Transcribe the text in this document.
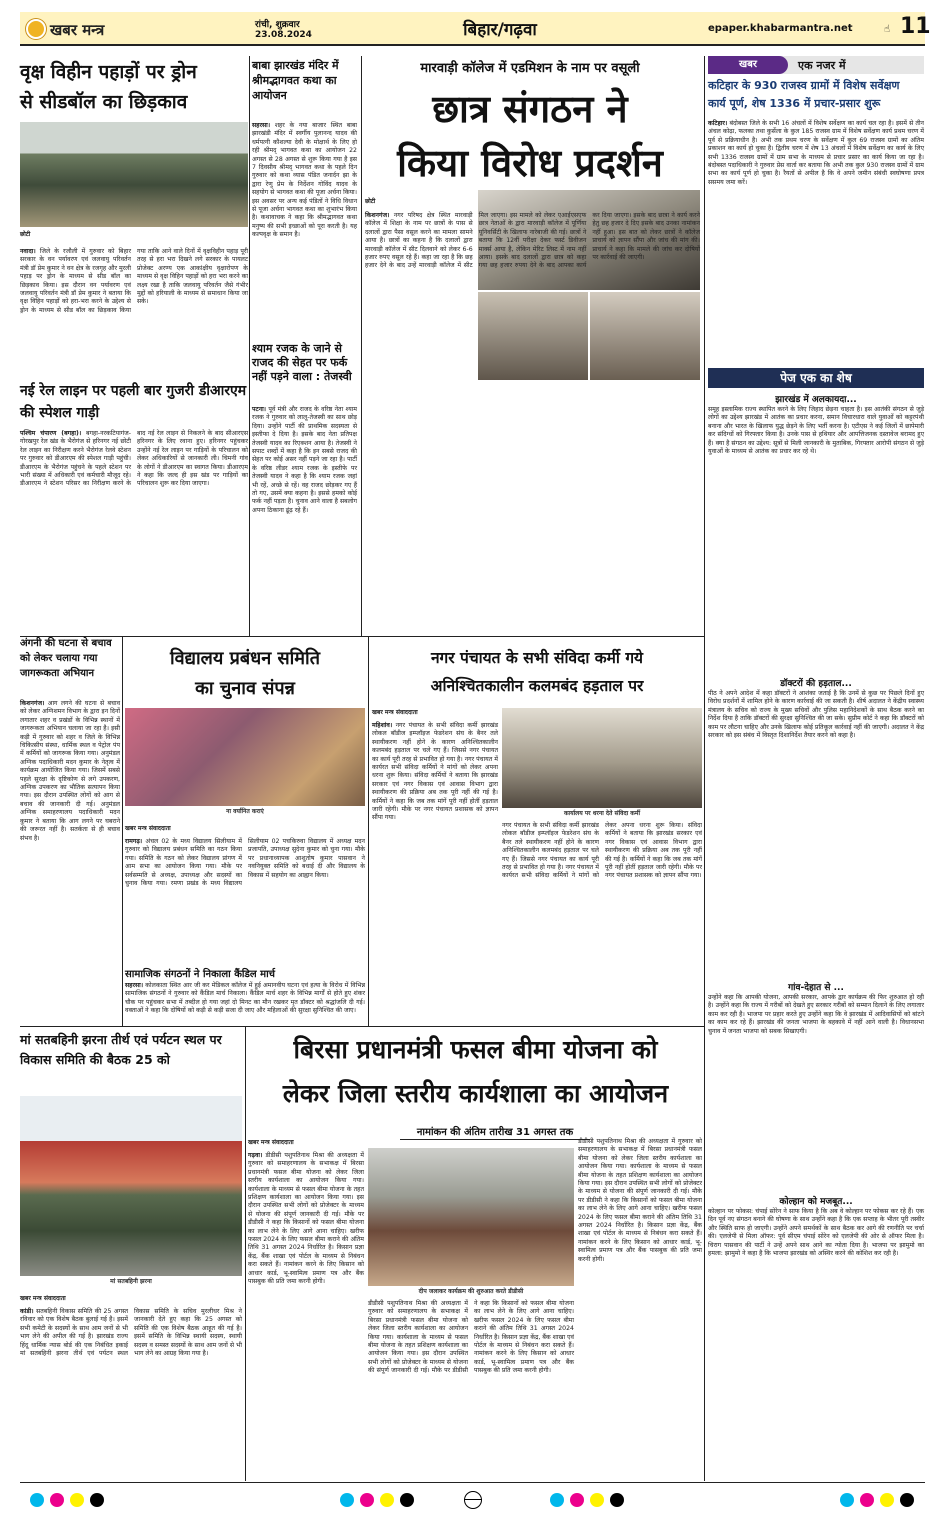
खबर मन्त्र	रांची, शुक्रवार
23.08.2024	बिहार/गढ़वा	epaper.khabarmantra.net	☝ 11
वृक्ष विहीन पहाड़ों पर ड्रोन
से सीडबॉल का छिड़काव
छाेटी
नवादा। जिले के रजौली में गुरुवार को बिहार सरकार के वन पर्यावरण एवं जलवायु परिवर्तन मंत्री डॉ प्रेम कुमार ने वन क्षेत्र के रजगृह और मुरली पहाड़ पर ड्रोन के माध्यम से सीड बॉल का छिड़काव किया। इस दौरान वन पर्यावरण एवं जलवायु परिवर्तन मंत्री डॉ प्रेम कुमार ने बताया कि वृक्ष विहिन पहाड़ों को हरा-भरा करने के उद्देश्य से ड्रोन के माध्यम से सीड बॉल का छिड़काव किया गया ताकि आने वाले दिनों में वृक्षविहीन पहाड़ पूरी तरह से हरा भरा दिखने लगे सरकार के पायलट प्रोजेक्ट अरण्य एक आकांक्षीय वृक्षारोपण के माध्यम से वृक्ष विहिन पहाड़ों को हरा भरा करने का लक्ष्य रखा है ताकि जलवायु परिवर्तन जैसे गंभीर मुद्दों को हरियाली के माध्यम से समाधान किया जा सके।
बाबा झारखंड मंदिर में श्रीमद्भागवत कथा का आयोजन
सहरसा। शहर के नया बाजार स्थित बाबा झारखंडी मंदिर में स्वर्गीय पुलानन्द यादव की धर्मपत्नी कौशल्या देवी के मोक्षार्थ के लिए हो रही श्रीमद् भागवत कथा का आयोजन 22 अगस्त से 28 अगस्त से शुरू किया गया है इस 7 दिवसीय श्रीमद् भागवत कथा के पहले दिन गुरुवार को कथा व्यास पंडित जनार्दन झा के द्वारा रेणु प्रेम के निर्देशन गोविंद यादव के सहयोग से भागवत कथा की पूजा अर्चना किया। इस अवसर पर अन्य कई पंडितों ने विधि विधान से पूजा अर्चना भागवत कथा का शुभारंभ किया है। कथावाचक ने कहा कि श्रीमद्भागवत कथा मनुष्य की सभी इच्छाओं को पूरा करती है। यह कल्पवृक्ष के समान है।
श्याम रजक के जाने से राजद की सेहत पर फर्क नहीं पड़ने वाला : तेजस्वी
पटना। पूर्व मंत्री और राजद के वरिष्ठ नेता श्याम रजक ने गुरुवार को लालू-तेजस्वी का साथ छोड़ दिया। उन्होंने पार्टी की प्राथमिक सदस्यता से इस्तीफा दे दिया है। इसके बाद नेता प्रतिपक्ष तेजस्वी यादव का रिएक्शन आया है। तेजस्वी ने सपाट शब्दों में कहा है कि इन सबसे राजद की सेहत पर कोई असर नहीं पड़ने जा रहा है। पार्टी के वरिष्ठ लीडर श्याम रजक के इस्तीफे पर तेजस्वी यादव ने कहा है कि श्याम रजक जहां भी रहें, अच्छे से रहें। वह राजद छोड़कर गए हैं तो गए, उसमें क्या कहना है। इससे हमको कोई फर्क नहीं पड़ता है। चुनाव आने वाला है सबलोग अपना ठिकाना ढूंढ़ रहे हैं।
नई रेल लाइन पर पहली बार गुजरी डीआरएम की स्पेशल गाड़ी
पश्चिम चंपारण (बगहा)। बगहा-नरकटियागंज-गोरखपुर रेल खंड के भैरोगंज से हरिनगर नई छोटी रेल लाइन का निरीक्षण करने भैरोगंज रेलवे स्टेशन पर गुरुवार को डीआरएम की स्पेशल गाड़ी पहुंची। डीआरएम के भैरोगंज पहुंचने के पहले स्टेशन पर भारी संख्या में अधिकारी एवं कर्मचारी मौजूद रहे। डीआरएम ने स्टेशन परिसर का निरीक्षण करने के बाद नई रेल लाइन से निकलने के बाद सीआरएस हरिनगर के लिए रवाना हुए। हरिनगर पहुंचकर उन्होंने नई रेल लाइन पर गाड़ियों के परिचालन को लेकर अधिकारियों से जानकारी ली। चिमनी गांव के लोगों ने डीआरएम का स्वागत किया। डीआरएम ने कहा कि जल्द ही इस खंड पर गाड़ियों का परिचालन शुरू कर दिया जाएगा।
अंगनी की घटना से बचाव को लेकर चलाया गया जागरूकता अभियान
किशनगंज। आग लगने की घटना से बचाव को लेकर अग्निशमन विभाग के द्वारा इन दिनों लगातार शहर व प्रखंडों के विभिन्न स्थानों में जागरूकता अभियान चलाया जा रहा है। इसी कड़ी में गुरुवार को शहर व जिले के विभिन्न चिकित्सीय संस्था, धार्मिक स्थल व पेट्रोल पंप में कर्मियों को जागरूक किया गया। अनुमंडल अग्निक पदाधिकारी मदन कुमार के नेतृत्व में कार्यक्रम आयोजित किया गया। जिसमें सबसे पहले सुरक्षा के दृष्टिकोण से लगे उपकरण, अग्निक उपकरण का भौतिक सत्यापन किया गया। इस दौरान उपस्थित लोगों को आग से बचाव की जानकारी दी गई। अनुमंडल अग्निक समाहरणालय पदाधिकारी मदन कुमार ने बताया कि आग लगने पर घबराने की जरूरत नहीं है। सतर्कता से ही बचाव संभव है।
मारवाड़ी कॉलेज में एडमिशन के नाम पर वसूली
छात्र संगठन ने
किया विरोध प्रदर्शन
छाेटी
किशनगंज। नगर परिषद क्षेत्र स्थित मारवाड़ी कॉलेज में शिक्षा के नाम पर छात्रों के पास से दलालों द्वारा पैसा वसूल करने का मामला सामने आया है। छात्रों का कहना है कि दलालों द्वारा मारवाड़ी कॉलेज में सीट दिलवाने को लेकर 6-6 हजार रुपए वसूल रहे हैं। कहा जा रहा है कि छह हजार देने के बाद उन्हें मारवाड़ी कॉलेज में सीट मिल जाएगा। इस मामले को लेकर एआईएसएफ छात्र नेताओं के द्वारा मारवाड़ी कॉलेज में पूर्णिया यूनिवर्सिटी के खिलाफ नारेबाजी की गई। छात्रों ने बताया कि 12वीं परीक्षा देकर फर्स्ट डिवीजन मार्क्स आया है, लेकिन मेरिट लिस्ट में नाम नहीं आया। इसके बाद दलालों द्वारा छात्र को कहा गया छह हजार रुपया देने के बाद आपका कार्य कर दिया जाएगा। इसके बाद छात्रा ने कार्य करने हेतु छह हजार दे दिए इसके बाद उनका नामांकन नहीं हुआ। इस बात को लेकर छात्रों ने कॉलेज प्राचार्य को ज्ञापन सौंपा और जांच की मांग की। प्राचार्य ने कहा कि मामले की जांच कर दोषियों पर कार्रवाई की जाएगी।
विद्यालय प्रबंधन समिति
का चुनाव संपन्न
ना वर्यानित कराएं
खबर मन्त्र संवाददाता
रामगढ़। अंचल 02 के मध्य विद्यालय सिलीयाम में गुरुवार को विद्यालय प्रबंधन समिति का गठन किया गया। समिति के गठन को लेकर विद्यालय प्रांगण में आम सभा का आयोजन किया गया। मौके पर सर्वसम्मति से अध्यक्ष, उपाध्यक्ष और सदस्यों का चुनाव किया गया। रमणा प्रखंड के मध्य विद्यालय सिलीयाम 02 पचकिरुवा विद्यालय में अध्यक्ष मदन प्रजापति, उपाध्यक्ष सुदेना कुमार को चुना गया। मौके पर प्रधानाध्यापक आशुतोष कुमार पासवान ने नवनियुक्त समिति को बधाई दी और विद्यालय के विकास में सहयोग का आह्वान किया।
सामाजिक संगठनों ने निकाला कैंडिल मार्च
सहरसा। कोलकाता स्थित आर जी कर मेडिकल कॉलेज में हुई अमानवीय घटना एवं हत्या के विरोध में विभिन्न सामाजिक संगठनों ने गुरुवार को कैंडिल मार्च निकाला। कैंडिल मार्च शहर के विभिन्न मार्गों से होते हुए शंकर चौक पर पहुंचकर सभा में तब्दील हो गया जहां दो मिनट का मौन रखकर मृत डॉक्टर को श्रद्धांजलि दी गई। वक्ताओं ने कहा कि दोषियों को कड़ी से कड़ी सजा दी जाए और महिलाओं की सुरक्षा सुनिश्चित की जाए।
नगर पंचायत के सभी संविदा कर्मी गये
अनिश्चितकालीन कलमबंद हड़ताल पर
खबर मन्त्र संवाददाता
कार्यालय पर धरना देते संविदा कर्मी
महिशांव। नगर पंचायत के सभी संविदा कर्मी झारखंड लोकल बॉडीज इम्प्लॉइज फेडरेशन संघ के बैनर तले स्थायीकरण नहीं होने के कारण अनिश्चितकालीन कलमबंद हड़ताल पर चले गए हैं। जिससे नगर पंचायत का कार्य पूरी तरह से प्रभावित हो गया है। नगर पंचायत में कार्यरत सभी संविदा कर्मियों ने मांगों को लेकर अपना धरना शुरू किया। संविदा कर्मियों ने बताया कि झारखंड सरकार एवं नगर विकास एवं आवास विभाग द्वारा स्थायीकरण की प्रक्रिया अब तक पूरी नहीं की गई है। कर्मियों ने कहा कि जब तक मांगें पूरी नहीं होतीं हड़ताल जारी रहेगी। मौके पर नगर पंचायत प्रशासक को ज्ञापन सौंपा गया।
नगर पंचायत के सभी संविदा कर्मी झारखंड लोकल बॉडीज इम्प्लॉइज फेडरेशन संघ के बैनर तले स्थायीकरण नहीं होने के कारण अनिश्चितकालीन कलमबंद हड़ताल पर चले गए हैं। जिससे नगर पंचायत का कार्य पूरी तरह से प्रभावित हो गया है। नगर पंचायत में कार्यरत सभी संविदा कर्मियों ने मांगों को लेकर अपना धरना शुरू किया। संविदा कर्मियों ने बताया कि झारखंड सरकार एवं नगर विकास एवं आवास विभाग द्वारा स्थायीकरण की प्रक्रिया अब तक पूरी नहीं की गई है। कर्मियों ने कहा कि जब तक मांगें पूरी नहीं होतीं हड़ताल जारी रहेगी। मौके पर नगर पंचायत प्रशासक को ज्ञापन सौंपा गया।
मां सतबहिनी झरना तीर्थ एवं पर्यटन स्थल पर विकास समिति की बैठक 25 को
मां सतबहिनी झरना
खबर मन्त्र संवाददाता
कांडी। सतबहिनी विकास समिति की 25 अगस्त रविवार को एक विशेष बैठक बुलाई गई है। इसमें सभी कमेटी के सदस्यों के साथ आम जनों से भी भाग लेने की अपील की गई है। झारखंड राज्य हिंदू धार्मिक न्यास बोर्ड की एक निबंधित इकाई मां सतबहिनी झरना तीर्थ एवं पर्यटन स्थल विकास समिति के सचिव मुरलीधर मिश्र ने जानकारी देते हुए कहा कि 25 अगस्त को समिति की एक विशेष बैठक आहूत की गई है। इसमें समिति के विभिन्न स्थायी सदस्य, स्थायी सदस्य व समस्त सदस्यों के साथ आम जनों से भी भाग लेने का आग्रह किया गया है।
बिरसा प्रधानमंत्री फसल बीमा योजना को
लेकर जिला स्तरीय कार्यशाला का आयोजन
नामांकन की अंतिम तारीख 31 अगस्त तक
खबर मन्त्र संवाददाता
दीप जलाकर कार्यक्रम की शुरुआत करते डीडीसी
गढ़वा। डीडीसी पशुपतिनाथ मिश्रा की अध्यक्षता में गुरुवार को समाहरणालय के सभाकक्ष में बिरसा प्रधानमंत्री फसल बीमा योजना को लेकर जिला स्तरीय कार्यशाला का आयोजन किया गया। कार्यशाला के माध्यम से फसल बीमा योजना के तहत प्रशिक्षण कार्यशाला का आयोजन किया गया। इस दौरान उपस्थित सभी लोगों को प्रोजेक्टर के माध्यम से योजना की संपूर्ण जानकारी दी गई। मौके पर डीडीसी ने कहा कि किसानों को फसल बीमा योजना का लाभ लेने के लिए आगे आना चाहिए। खरीफ फसल 2024 के लिए फसल बीमा कराने की अंतिम तिथि 31 अगस्त 2024 निर्धारित है। किसान प्रज्ञा केंद्र, बैंक शाखा एवं पोर्टल के माध्यम से निबंधन करा सकते हैं। नामांकन करने के लिए किसान को आधार कार्ड, भू-स्वामित्व प्रमाण पत्र और बैंक पासबुक की प्रति जमा करनी होगी।
डीडीसी पशुपतिनाथ मिश्रा की अध्यक्षता में गुरुवार को समाहरणालय के सभाकक्ष में बिरसा प्रधानमंत्री फसल बीमा योजना को लेकर जिला स्तरीय कार्यशाला का आयोजन किया गया। कार्यशाला के माध्यम से फसल बीमा योजना के तहत प्रशिक्षण कार्यशाला का आयोजन किया गया। इस दौरान उपस्थित सभी लोगों को प्रोजेक्टर के माध्यम से योजना की संपूर्ण जानकारी दी गई। मौके पर डीडीसी ने कहा कि किसानों को फसल बीमा योजना का लाभ लेने के लिए आगे आना चाहिए। खरीफ फसल 2024 के लिए फसल बीमा कराने की अंतिम तिथि 31 अगस्त 2024 निर्धारित है। किसान प्रज्ञा केंद्र, बैंक शाखा एवं पोर्टल के माध्यम से निबंधन करा सकते हैं। नामांकन करने के लिए किसान को आधार कार्ड, भू-स्वामित्व प्रमाण पत्र और बैंक पासबुक की प्रति जमा करनी होगी।
डीडीसी पशुपतिनाथ मिश्रा की अध्यक्षता में गुरुवार को समाहरणालय के सभाकक्ष में बिरसा प्रधानमंत्री फसल बीमा योजना को लेकर जिला स्तरीय कार्यशाला का आयोजन किया गया। कार्यशाला के माध्यम से फसल बीमा योजना के तहत प्रशिक्षण कार्यशाला का आयोजन किया गया। इस दौरान उपस्थित सभी लोगों को प्रोजेक्टर के माध्यम से योजना की संपूर्ण जानकारी दी गई। मौके पर डीडीसी ने कहा कि किसानों को फसल बीमा योजना का लाभ लेने के लिए आगे आना चाहिए। खरीफ फसल 2024 के लिए फसल बीमा कराने की अंतिम तिथि 31 अगस्त 2024 निर्धारित है। किसान प्रज्ञा केंद्र, बैंक शाखा एवं पोर्टल के माध्यम से निबंधन करा सकते हैं। नामांकन करने के लिए किसान को आधार कार्ड, भू-स्वामित्व प्रमाण पत्र और बैंक पासबुक की प्रति जमा करनी होगी।
खबर	एक नजर में
कटिहार के 930 राजस्व ग्रामों में विशेष सर्वेक्षण
कार्य पूर्ण, शेष 1336 में प्रचार-प्रसार शुरू
कटिहार। बंदोबस्त जिले के सभी 16 अंचलों में विशेष सर्वेक्षण का कार्य चल रहा है। इसमें से तीन अंचल कोढ़ा, फलका तथा कुर्सेला के कुल 185 राजस्व ग्राम में विशेष सर्वेक्षण कार्य प्रथम चरण में पूर्व से प्रक्रियाधीन है। अभी तक प्रथम चरण के सर्वेक्षण में कुल 69 राजस्व ग्रामों का अंतिम प्रकाशन का कार्य हो चुका है। द्वितीय चरण में शेष 13 अंचलों में विशेष सर्वेक्षण का कार्य के लिए सभी 1336 राजस्व ग्रामों में ग्राम सभा के माध्यम से प्रचार प्रसार का कार्य किया जा रहा है। बंदोबस्त पदाधिकारी ने गुरुवार प्रेस वार्ता कर बताया कि अभी तक कुल 930 राजस्व ग्रामों में ग्राम सभा का कार्य पूर्ण हो चुका है। रैयतों से अपील है कि वे अपने जमीन संबंधी स्वघोषणा प्रपत्र ससमय जमा करें।
पेज एक का शेष
झारखंड में अलकायदा...
समूह इस्लामिक राज्य स्थापित करने के लिए जिहाद छेड़ना चाहता है। इस आतंकी संगठन से जुड़े लोगों का उद्देश्य झारखंड में आतंक का प्रचार करना, समान विचारधारा वाले युवाओं को कट्टरपंथी बनाना और भारत के खिलाफ युद्ध छेड़ने के लिए भर्ती करना है। एटीएस ने कई जिलों में छापेमारी कर संदिग्धों को गिरफ्तार किया है। उनके पास से हथियार और आपत्तिजनक दस्तावेज बरामद हुए हैं। क्या है संगठन का उद्देश्य: सूत्रों से मिली जानकारी के मुताबिक, गिरफ्तार आरोपी संगठन से जुड़े युवाओं के माध्यम से आतंक का प्रचार कर रहे थे।
डॉक्टरों की हड़ताल...
पीठ ने अपने आदेश में कहा डॉक्टरों ने आशंका जताई है कि उनमें से कुछ पर पिछले दिनों हुए विरोध प्रदर्शनों में शामिल होने के कारण कार्रवाई की जा सकती है। शीर्ष अदालत ने केंद्रीय स्वास्थ्य मंत्रालय के सचिव को राज्य के मुख्य सचिवों और पुलिस महानिदेशकों के साथ बैठक करने का निर्देश दिया है ताकि डॉक्टरों की सुरक्षा सुनिश्चित की जा सके। सुप्रीम कोर्ट ने कहा कि डॉक्टरों को काम पर लौटना चाहिए और उनके खिलाफ कोई प्रतिकूल कार्रवाई नहीं की जाएगी। अदालत ने केंद्र सरकार को इस संबंध में विस्तृत दिशानिर्देश तैयार करने को कहा है।
गांव-देहात से ...
उन्होंने कहा कि आपकी योजना, आपकी सरकार, आपके द्वार कार्यक्रम की फिर शुरुआत हो रही है। उन्होंने कहा कि राज्य में गरीबों को देखते हुए सरकार गरीबों को सम्मान दिलाने के लिए लगातार काम कर रही है। भाजपा पर प्रहार करते हुए उन्होंने कहा कि वे झारखंड में आदिवासियों को बांटने का काम कर रहे हैं। झारखंड की जनता भाजपा के बहकावे में नहीं आने वाली है। विधानसभा चुनाव में जनता भाजपा को सबक सिखाएगी।
कोल्हान को मजबूत...
कोल्हान पर फोकस: चंपाई सोरेन ने साफ किया है कि अब वे कोल्हान पर फोकस कर रहे हैं। एक दिन पूर्व नए संगठन बनाने की घोषणा के साथ उन्होंने कहा है कि एक सप्ताह के भीतर पूरी तस्वीर और स्थिति साफ हो जाएगी। उन्होंने अपने समर्थकों के साथ बैठक कर आगे की रणनीति पर चर्चा की। एलजेपी से मिला ऑफर: पूर्व सीएम चंपाई सोरेन को एलजेपी की ओर से ऑफर मिला है। चिराग पासवान की पार्टी ने उन्हें अपने साथ आने का न्योता दिया है। भाजपा पर झामुमो का हमला: झामुमो ने कहा है कि भाजपा झारखंड को अस्थिर करने की कोशिश कर रही है।
